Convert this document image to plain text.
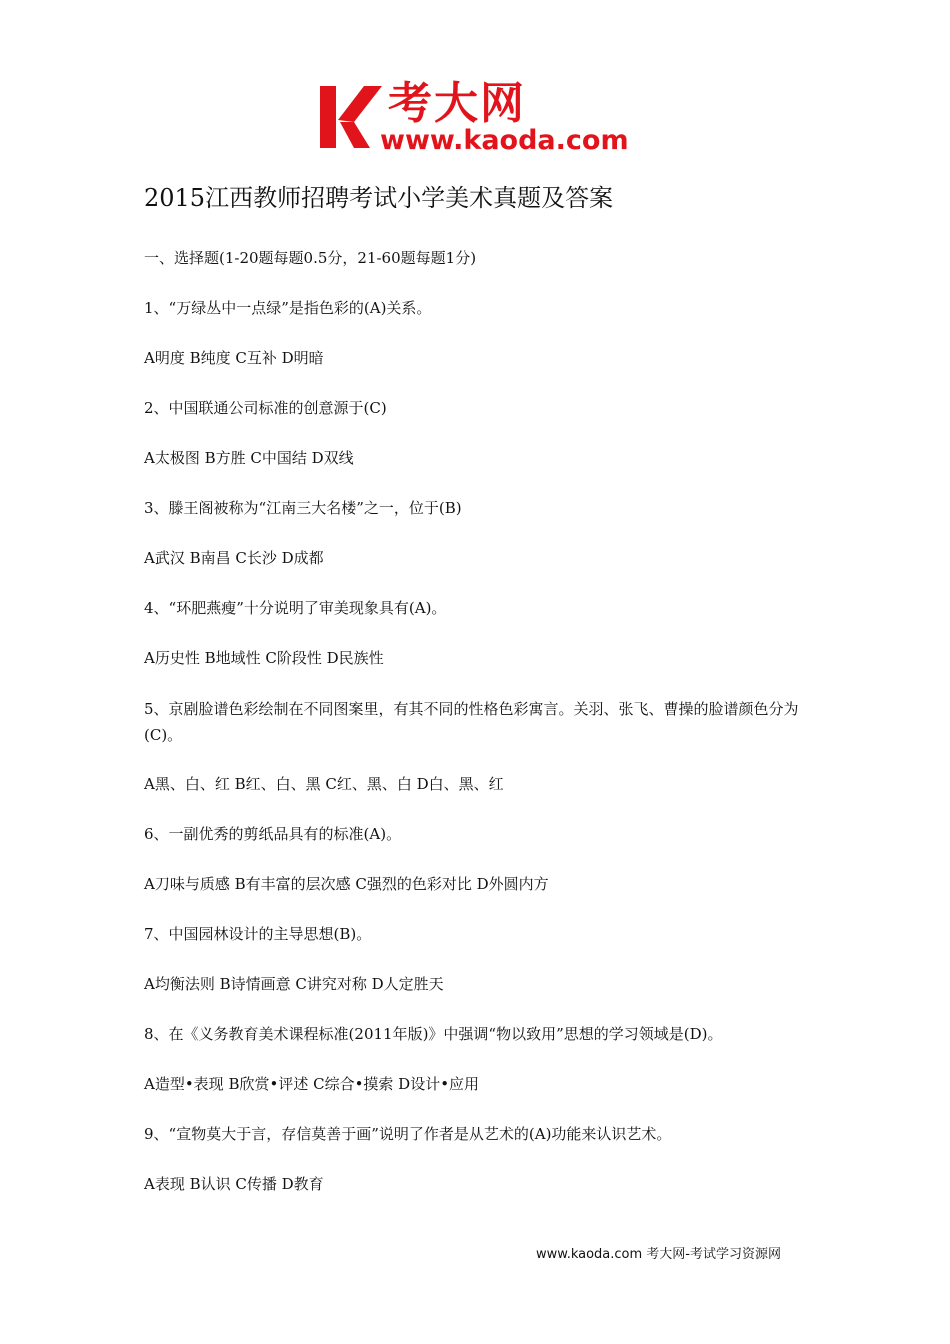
考大网
www.kaoda.com
2015江西教师招聘考试小学美术真题及答案

一、选择题(1-20题每题0.5分，21-60题每题1分)

1、“万绿丛中一点绿”是指色彩的(A)关系。

A明度 B纯度 C互补 D明暗

2、中国联通公司标准的创意源于(C)

A太极图 B方胜 C中国结 D双线

3、滕王阁被称为“江南三大名楼”之一，位于(B)

A武汉 B南昌 C长沙 D成都

4、“环肥燕瘦”十分说明了审美现象具有(A)。

A历史性 B地域性 C阶段性 D民族性

5、京剧脸谱色彩绘制在不同图案里，有其不同的性格色彩寓言。关羽、张飞、曹操的脸谱颜色分为(C)。

A黑、白、红 B红、白、黑 C红、黑、白 D白、黑、红

6、一副优秀的剪纸品具有的标准(A)。

A刀味与质感 B有丰富的层次感 C强烈的色彩对比 D外圆内方

7、中国园林设计的主导思想(B)。

A均衡法则 B诗情画意 C讲究对称 D人定胜天

8、在《义务教育美术课程标准(2011年版)》中强调“物以致用”思想的学习领域是(D)。

A造型•表现 B欣赏•评述 C综合•摸索 D设计•应用

9、“宣物莫大于言，存信莫善于画”说明了作者是从艺术的(A)功能来认识艺术。

A表现 B认识 C传播 D教育

www.kaoda.com 考大网-考试学习资源网
